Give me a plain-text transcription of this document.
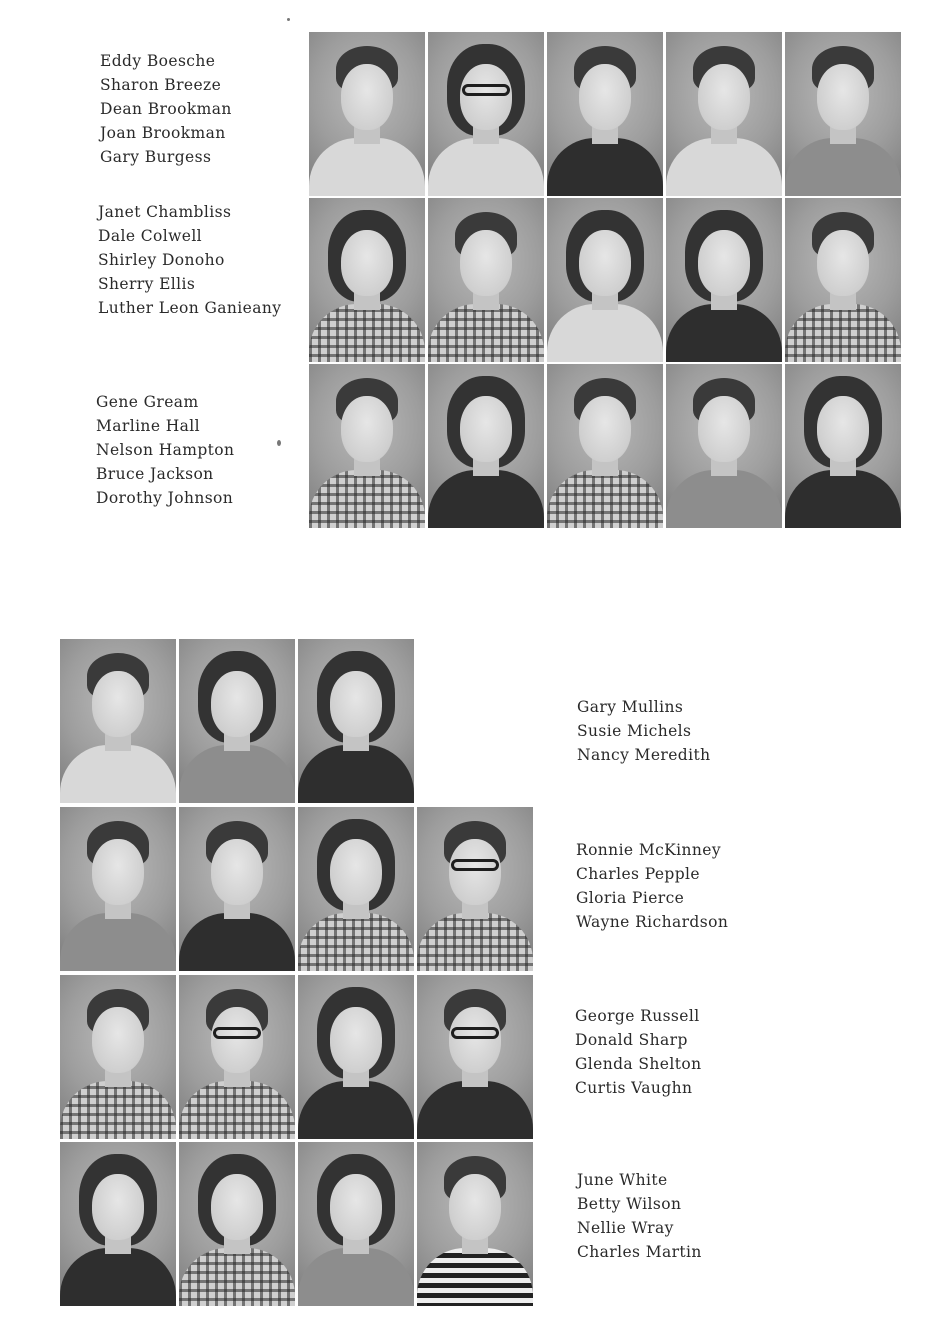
Eddy Boesche
Sharon Breeze
Dean Brookman
Joan Brookman
Gary Burgess
Janet Chambliss
Dale Colwell
Shirley Donoho
Sherry Ellis
Luther Leon Ganieany
Gene Gream
Marline Hall
Nelson Hampton
Bruce Jackson
Dorothy Johnson
Gary Mullins
Susie Michels
Nancy Meredith
Ronnie McKinney
Charles Pepple
Gloria Pierce
Wayne Richardson
George Russell
Donald Sharp
Glenda Shelton
Curtis Vaughn
June White
Betty Wilson
Nellie Wray
Charles Martin
